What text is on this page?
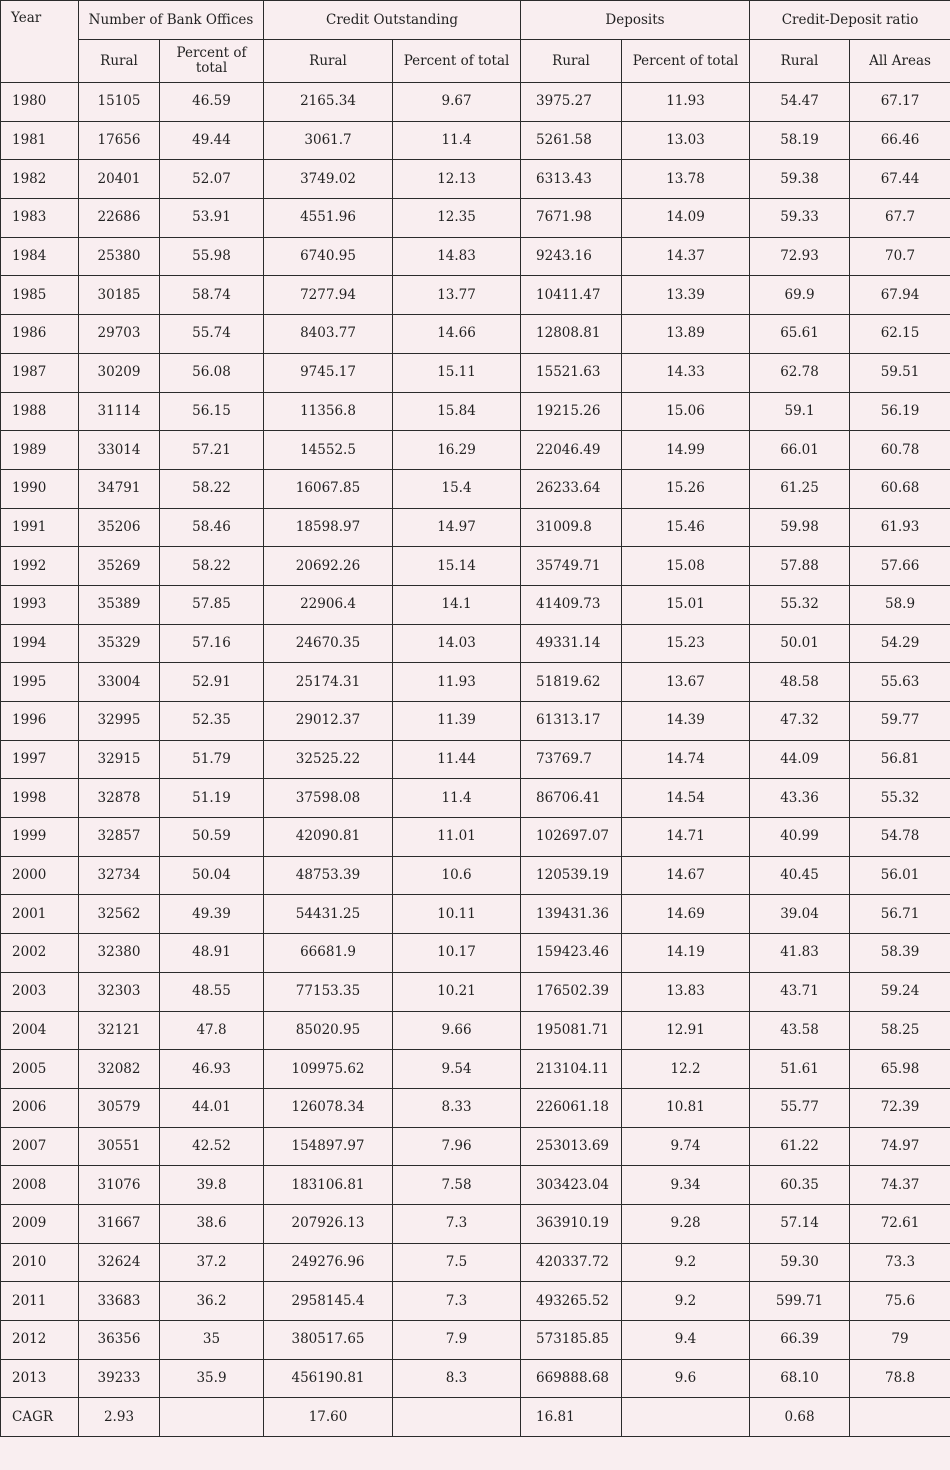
Year	Number of Bank Offices		Credit Outstanding		Deposits		Credit-Deposit ratio	
	Rural	Percent of total	Rural	Percent of total	Rural	Percent of total	Rural	All Areas
1980	15105	46.59	2165.34	9.67	3975.27	11.93	54.47	67.17
1981	17656	49.44	3061.7	11.4	5261.58	13.03	58.19	66.46
1982	20401	52.07	3749.02	12.13	6313.43	13.78	59.38	67.44
1983	22686	53.91	4551.96	12.35	7671.98	14.09	59.33	67.7
1984	25380	55.98	6740.95	14.83	9243.16	14.37	72.93	70.7
1985	30185	58.74	7277.94	13.77	10411.47	13.39	69.9	67.94
1986	29703	55.74	8403.77	14.66	12808.81	13.89	65.61	62.15
1987	30209	56.08	9745.17	15.11	15521.63	14.33	62.78	59.51
1988	31114	56.15	11356.8	15.84	19215.26	15.06	59.1	56.19
1989	33014	57.21	14552.5	16.29	22046.49	14.99	66.01	60.78
1990	34791	58.22	16067.85	15.4	26233.64	15.26	61.25	60.68
1991	35206	58.46	18598.97	14.97	31009.8	15.46	59.98	61.93
1992	35269	58.22	20692.26	15.14	35749.71	15.08	57.88	57.66
1993	35389	57.85	22906.4	14.1	41409.73	15.01	55.32	58.9
1994	35329	57.16	24670.35	14.03	49331.14	15.23	50.01	54.29
1995	33004	52.91	25174.31	11.93	51819.62	13.67	48.58	55.63
1996	32995	52.35	29012.37	11.39	61313.17	14.39	47.32	59.77
1997	32915	51.79	32525.22	11.44	73769.7	14.74	44.09	56.81
1998	32878	51.19	37598.08	11.4	86706.41	14.54	43.36	55.32
1999	32857	50.59	42090.81	11.01	102697.07	14.71	40.99	54.78
2000	32734	50.04	48753.39	10.6	120539.19	14.67	40.45	56.01
2001	32562	49.39	54431.25	10.11	139431.36	14.69	39.04	56.71
2002	32380	48.91	66681.9	10.17	159423.46	14.19	41.83	58.39
2003	32303	48.55	77153.35	10.21	176502.39	13.83	43.71	59.24
2004	32121	47.8	85020.95	9.66	195081.71	12.91	43.58	58.25
2005	32082	46.93	109975.62	9.54	213104.11	12.2	51.61	65.98
2006	30579	44.01	126078.34	8.33	226061.18	10.81	55.77	72.39
2007	30551	42.52	154897.97	7.96	253013.69	9.74	61.22	74.97
2008	31076	39.8	183106.81	7.58	303423.04	9.34	60.35	74.37
2009	31667	38.6	207926.13	7.3	363910.19	9.28	57.14	72.61
2010	32624	37.2	249276.96	7.5	420337.72	9.2	59.30	73.3
2011	33683	36.2	2958145.4	7.3	493265.52	9.2	599.71	75.6
2012	36356	35	380517.65	7.9	573185.85	9.4	66.39	79
2013	39233	35.9	456190.81	8.3	669888.68	9.6	68.10	78.8
CAGR	2.93		17.60		16.81		0.68	
